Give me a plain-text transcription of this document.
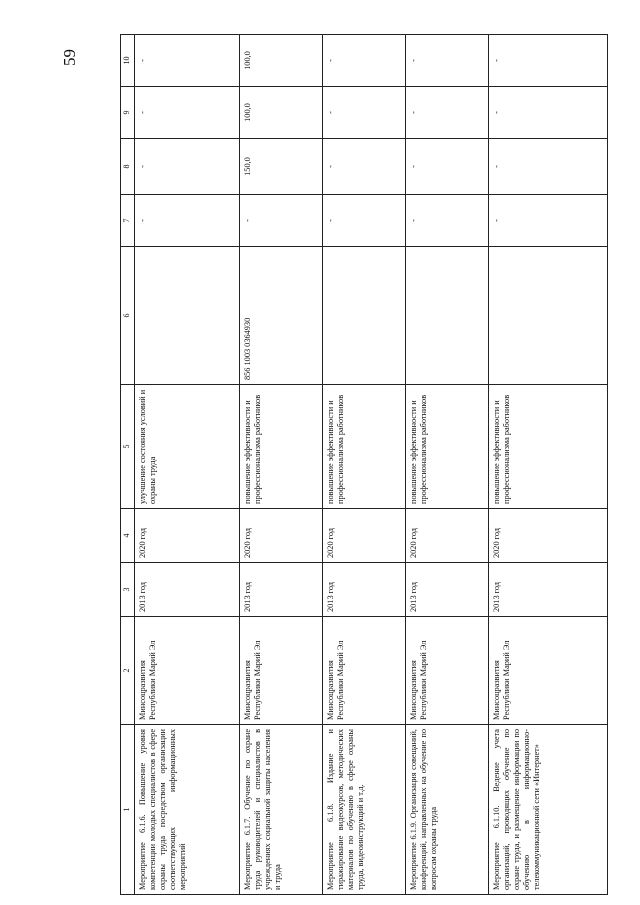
59
1	2	3	4	5	6	7	8	9	10
Мероприятие 6.1.6. Повышение уровня компетенции молодых специалистов в сфере охраны труда посредством организации соответствующих информационных мероприятий	Минсоцразвития Республики Марий Эл	2013 год	2020 год	улучшение состояния условий и охраны труда		-	-	-	-
Мероприятие 6.1.7. Обучение по охране труда руководителей и специалистов в учреждениях социальной защиты населения и труда	Минсоцразвития Республики Марий Эл	2013 год	2020 год	повышение эффективности и профессионализма работников	856 1003 0364930	-	150,0	100,0	100,0
Мероприятие 6.1.8. Издание и тиражирование видеокурсов, методических материалов по обучению в сфере охраны труда, видеоинструкций и т.д.	Минсоцразвития Республики Марий Эл	2013 год	2020 год	повышение эффективности и профессионализма работников		-	-	-	-
Мероприятие 6.1.9. Организация совещаний, конференций, направленных на обучение по вопросам охраны труда	Минсоцразвития Республики Марий Эл	2013 год	2020 год	повышение эффективности и профессионализма работников		-	-	-	-
Мероприятие 6.1.10. Ведение учета организаций, проводящих обучение по охране труда, и размещение информации по обучению в информационно-телекоммуникационной сети «Интернет»	Минсоцразвития Республики Марий Эл	2013 год	2020 год	повышение эффективности и профессионализма работников		-	-	-	-
